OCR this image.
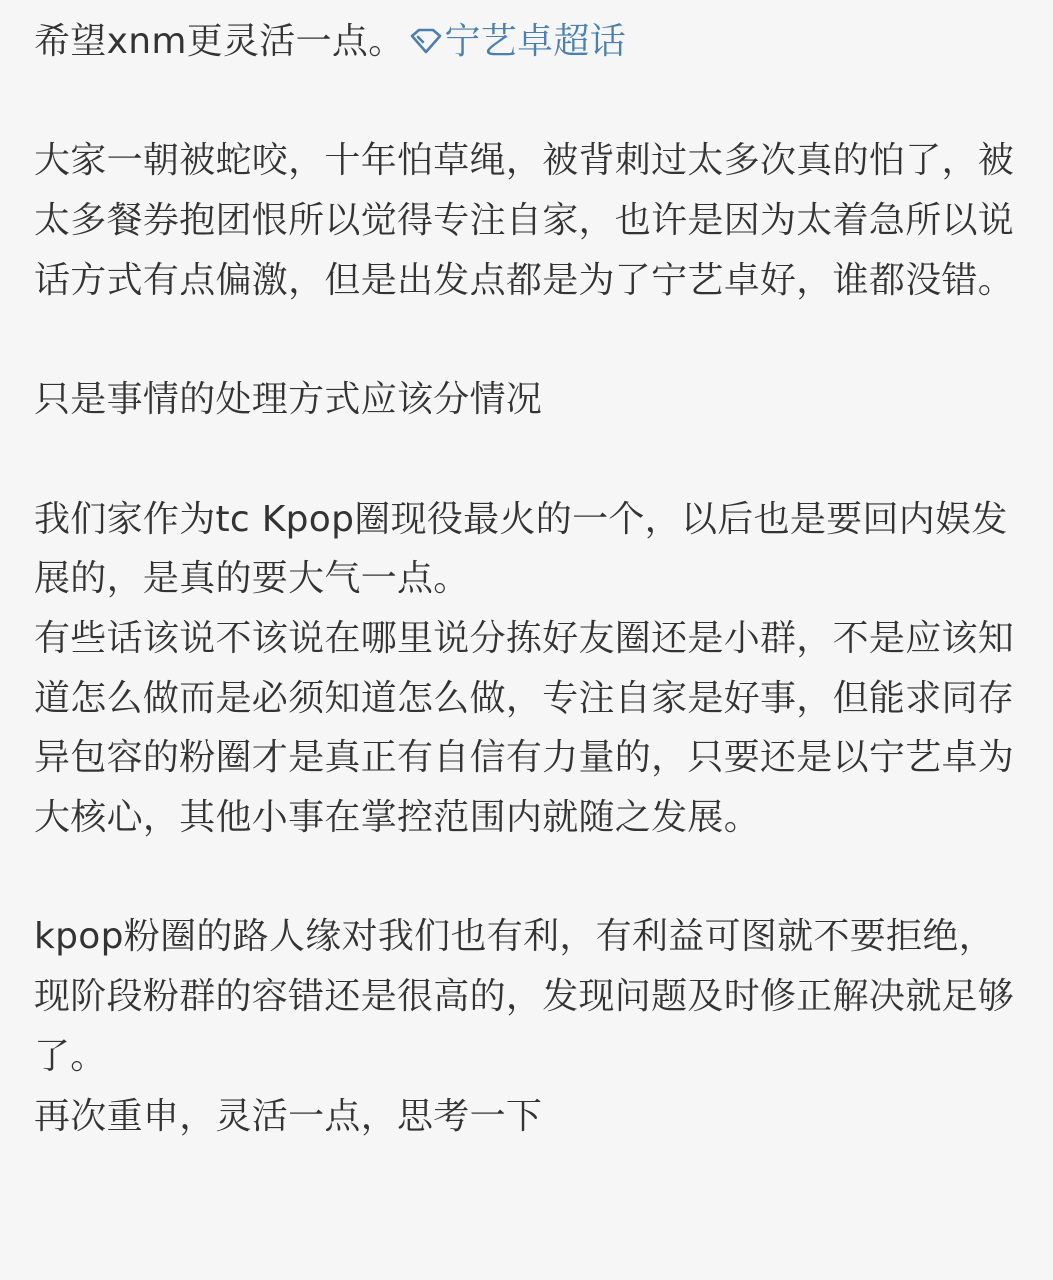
希望xnm更灵活一点。 宁艺卓超话

大家一朝被蛇咬，十年怕草绳，被背刺过太多次真的怕了，被太多餐券抱团恨所以觉得专注自家，也许是因为太着急所以说话方式有点偏激，但是出发点都是为了宁艺卓好，谁都没错。

只是事情的处理方式应该分情况

我们家作为tc Kpop圈现役最火的一个，以后也是要回内娱发展的，是真的要大气一点。

有些话该说不该说在哪里说分拣好友圈还是小群，不是应该知道怎么做而是必须知道怎么做，专注自家是好事，但能求同存异包容的粉圈才是真正有自信有力量的，只要还是以宁艺卓为大核心，其他小事在掌控范围内就随之发展。

kpop粉圈的路人缘对我们也有利，有利益可图就不要拒绝，现阶段粉群的容错还是很高的，发现问题及时修正解决就足够了。

再次重申，灵活一点，思考一下
